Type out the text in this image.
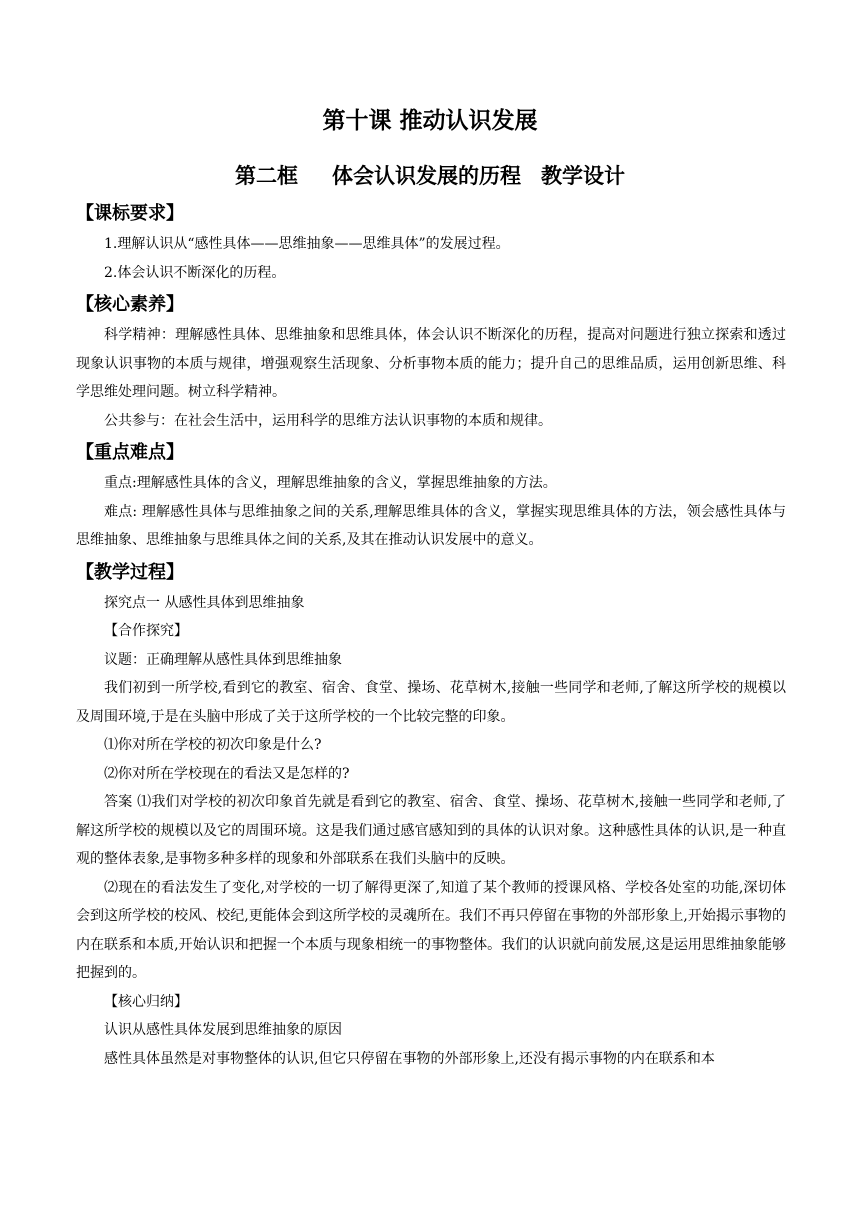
第十课 推动认识发展
第二框 体会认识发展的历程 教学设计
【课标要求】

1.理解认识从“感性具体——思维抽象——思维具体”的发展过程。

2.体会认识不断深化的历程。

【核心素养】

科学精神：理解感性具体、思维抽象和思维具体，体会认识不断深化的历程，提高对问题进行独立探索和透过现象认识事物的本质与规律，增强观察生活现象、分析事物本质的能力；提升自己的思维品质，运用创新思维、科学思维处理问题。树立科学精神。

公共参与：在社会生活中，运用科学的思维方法认识事物的本质和规律。

【重点难点】

重点:理解感性具体的含义，理解思维抽象的含义，掌握思维抽象的方法。

难点: 理解感性具体与思维抽象之间的关系,理解思维具体的含义，掌握实现思维具体的方法，领会感性具体与思维抽象、思维抽象与思维具体之间的关系,及其在推动认识发展中的意义。

【教学过程】

探究点一 从感性具体到思维抽象

【合作探究】

议题：正确理解从感性具体到思维抽象

我们初到一所学校,看到它的教室、宿舍、食堂、操场、花草树木,接触一些同学和老师,了解这所学校的规模以及周围环境,于是在头脑中形成了关于这所学校的一个比较完整的印象。

⑴你对所在学校的初次印象是什么?

⑵你对所在学校现在的看法又是怎样的?

答案 ⑴我们对学校的初次印象首先就是看到它的教室、宿舍、食堂、操场、花草树木,接触一些同学和老师,了解这所学校的规模以及它的周围环境。这是我们通过感官感知到的具体的认识对象。这种感性具体的认识,是一种直观的整体表象,是事物多种多样的现象和外部联系在我们头脑中的反映。

⑵现在的看法发生了变化,对学校的一切了解得更深了,知道了某个教师的授课风格、学校各处室的功能,深切体会到这所学校的校风、校纪,更能体会到这所学校的灵魂所在。我们不再只停留在事物的外部形象上,开始揭示事物的内在联系和本质,开始认识和把握一个本质与现象相统一的事物整体。我们的认识就向前发展,这是运用思维抽象能够把握到的。

【核心归纳】

认识从感性具体发展到思维抽象的原因

感性具体虽然是对事物整体的认识,但它只停留在事物的外部形象上,还没有揭示事物的内在联系和本
